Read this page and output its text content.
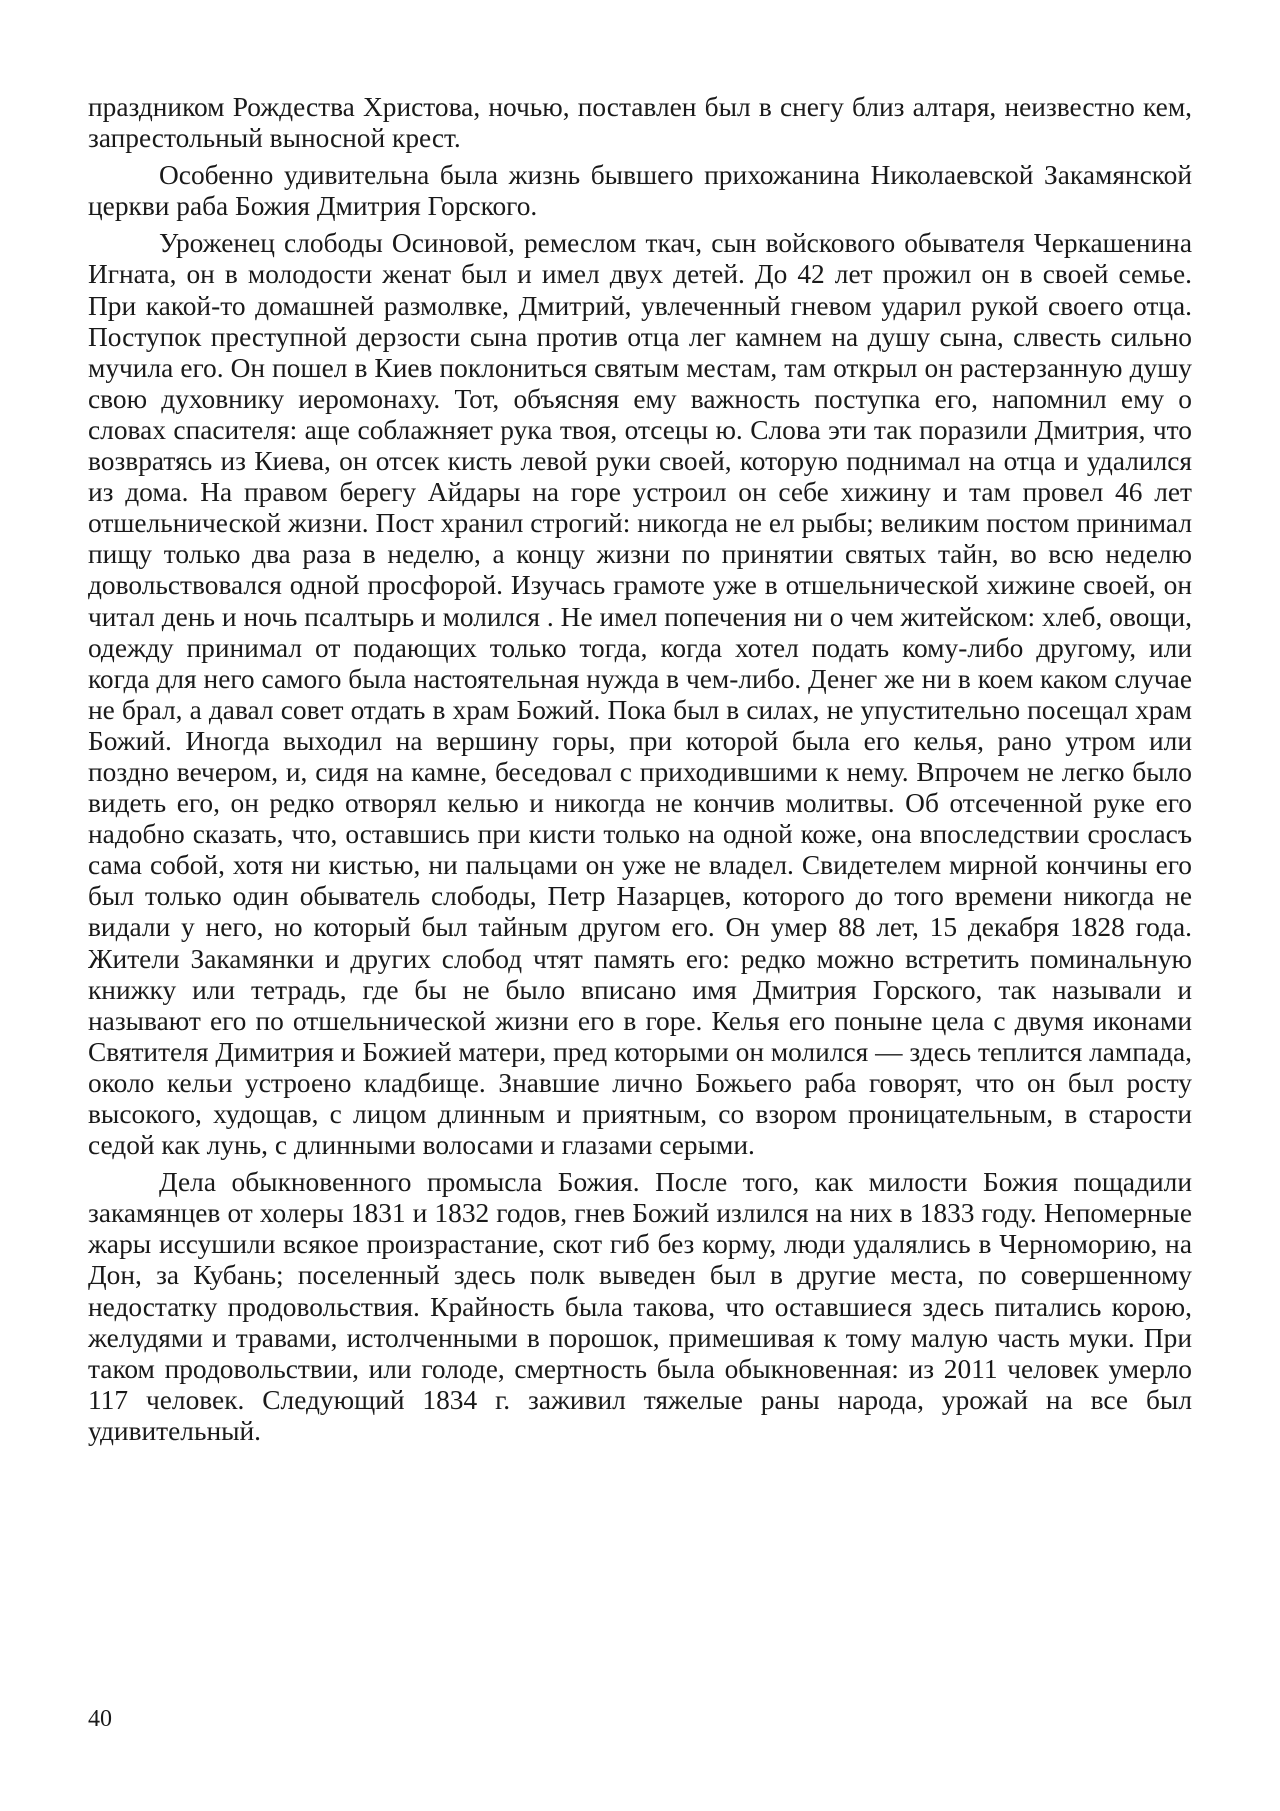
праздником Рождества Христова, ночью, поставлен был в снегу близ алтаря, неизвестно кем, запрестольный выносной крест.

Особенно удивительна была жизнь бывшего прихожанина Николаевской Закамянской церкви раба Божия Дмитрия Горского.

Уроженец слободы Осиновой, ремеслом ткач, сын войскового обывателя Черкашенина Игната, он в молодости женат был и имел двух детей. До 42 лет прожил он в своей семье. При какой-то домашней размолвке, Дмитрий, увлеченный гневом ударил рукой своего отца. Поступок преступной дерзости сына против отца лег камнем на душу сына, слвесть сильно мучила его. Он пошел в Киев поклониться святым местам, там открыл он растерзанную душу свою духовнику иеромонаху. Тот, объясняя ему важность поступка его, напомнил ему о словах спасителя: аще соблажняет рука твоя, отсецы ю. Слова эти так поразили Дмитрия, что возвратясь из Киева, он отсек кисть левой руки своей, которую поднимал на отца и удалился из дома. На правом берегу Айдары на горе устроил он себе хижину и там провел 46 лет отшельнической жизни. Пост хранил строгий: никогда не ел рыбы; великим постом принимал пищу только два раза в неделю, а концу жизни по принятии святых тайн, во всю неделю довольствовался одной просфорой. Изучась грамоте уже в отшельнической хижине своей, он читал день и ночь псалтырь и молился . Не имел попечения ни о чем житейском: хлеб, овощи, одежду принимал от подающих только тогда, когда хотел подать кому-либо другому, или когда для него самого была настоятельная нужда в чем-либо. Денег же ни в коем каком случае не брал, а давал совет отдать в храм Божий. Пока был в силах, не упустительно посещал храм Божий. Иногда выходил на вершину горы, при которой была его келья, рано утром или поздно вечером, и, сидя на камне, беседовал с приходившими к нему. Впрочем не легко было видеть его, он редко отворял келью и никогда не кончив молитвы. Об отсеченной руке его надобно сказать, что, оставшись при кисти только на одной коже, она впоследствии сросласъ сама собой, хотя ни кистью, ни пальцами он уже не владел. Свидетелем мирной кончины его был только один обыватель слободы, Петр Назарцев, которого до того времени никогда не видали у него, но который был тайным другом его. Он умер 88 лет, 15 декабря 1828 года. Жители Закамянки и других слобод чтят память его: редко можно встретить поминальную книжку или тетрадь, где бы не было вписано имя Дмитрия Горского, так называли и называют его по отшельнической жизни его в горе. Келья его поныне цела с двумя иконами Святителя Димитрия и Божией матери, пред которыми он молился — здесь теплится лампада, около кельи устроено кладбище. Знавшие лично Божьего раба говорят, что он был росту высокого, худощав, с лицом длинным и приятным, со взором проницательным, в старости седой как лунь, с длинными волосами и глазами серыми.

Дела обыкновенного промысла Божия. После того, как милости Божия пощадили закамянцев от холеры 1831 и 1832 годов, гнев Божий излился на них в 1833 году. Непомерные жары иссушили всякое произрастание, скот гиб без корму, люди удалялись в Черноморию, на Дон, за Кубань; поселенный здесь полк выведен был в другие места, по совершенному недостатку продовольствия. Крайность была такова, что оставшиеся здесь питались корою, желудями и травами, истолченными в порошок, примешивая к тому малую часть муки. При таком продовольствии, или голоде, смертность была обыкновенная: из 2011 человек умерло 117 человек. Следующий 1834 г. заживил тяжелые раны народа, урожай на все был удивительный.

40
